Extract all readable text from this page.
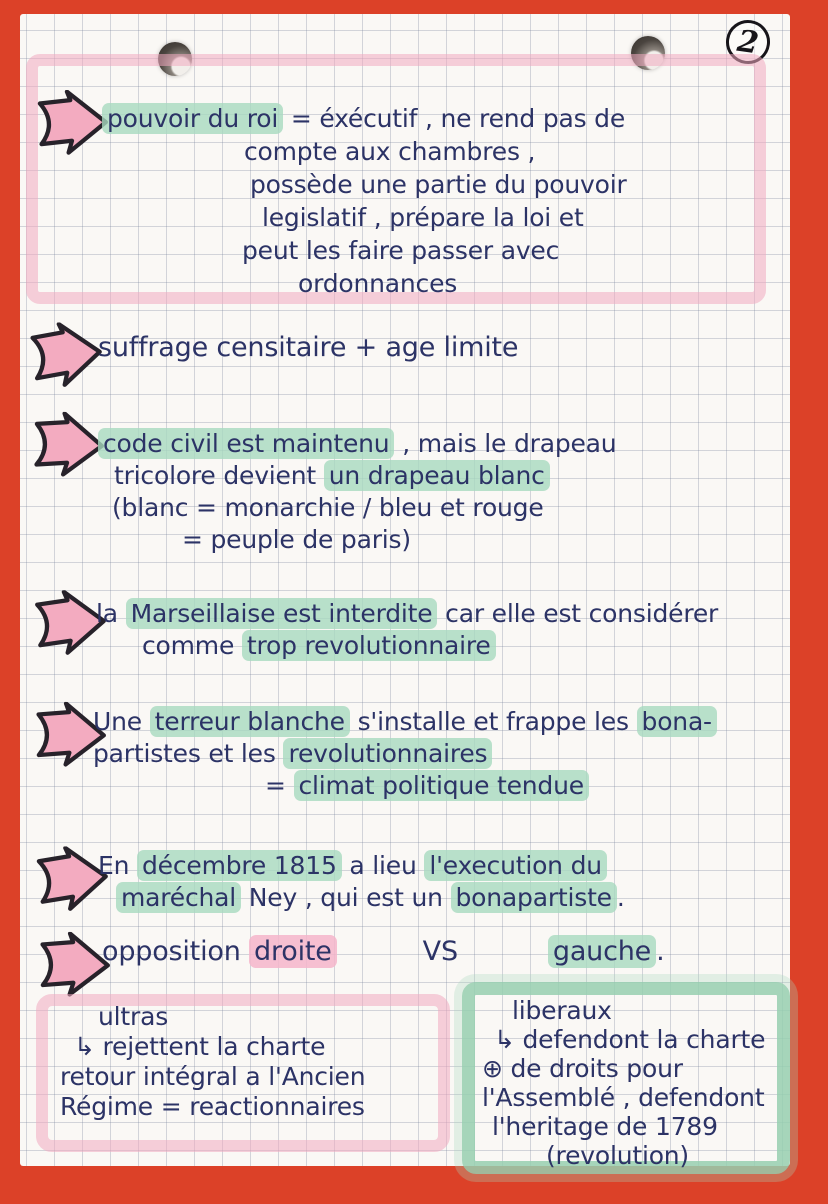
2
pouvoir du roi = éxécutif , ne rend pas de
compte aux chambres ,
possède une partie du pouvoir
legislatif , prépare la loi et
peut les faire passer avec
ordonnances
suffrage censitaire + age limite
code civil est maintenu , mais le drapeau
tricolore devient un drapeau blanc
(blanc = monarchie / bleu et rouge
= peuple de paris)
la Marseillaise est interdite car elle est considérer
comme trop revolutionnaire
Une terreur blanche s'installe et frappe les bona-
partistes et les revolutionnaires
= climat politique tendue
En décembre 1815 a lieu l'execution du
maréchal Ney , qui est un bonapartiste .
opposition droite	VS	gauche .
ultras
↳ rejettent la charte
retour intégral a l'Ancien
Régime = reactionnaires
liberaux
↳ defendont la charte
⊕ de droits pour
l'Assemblé , defendont
l'heritage de 1789
(revolution)
